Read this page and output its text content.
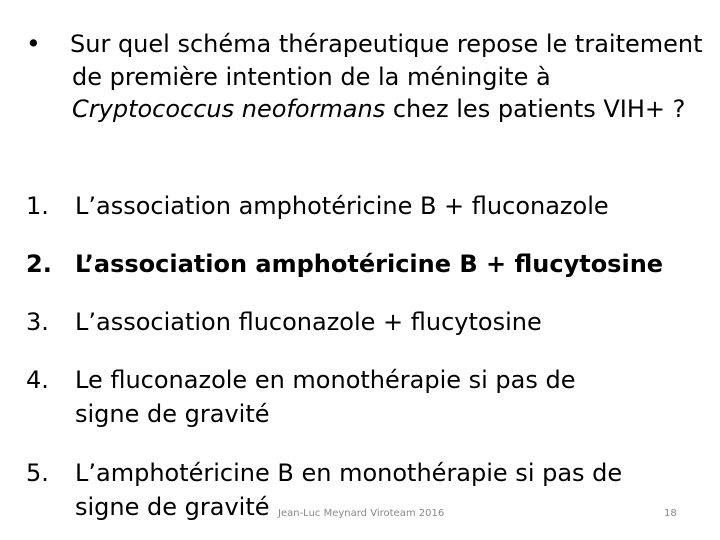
• Sur quel schéma thérapeutique repose le traitement de première intention de la méningite à Cryptococcus neoformans chez les patients VIH+ ?
1. L’association amphotéricine B + fluconazole
2. L’association amphotéricine B + flucytosine
3. L’association fluconazole + flucytosine
4. Le fluconazole en monothérapie si pas de signe de gravité
5. L’amphotéricine B en monothérapie si pas de signe de gravité Jean-Luc Meynard Viroteam 2016	18
